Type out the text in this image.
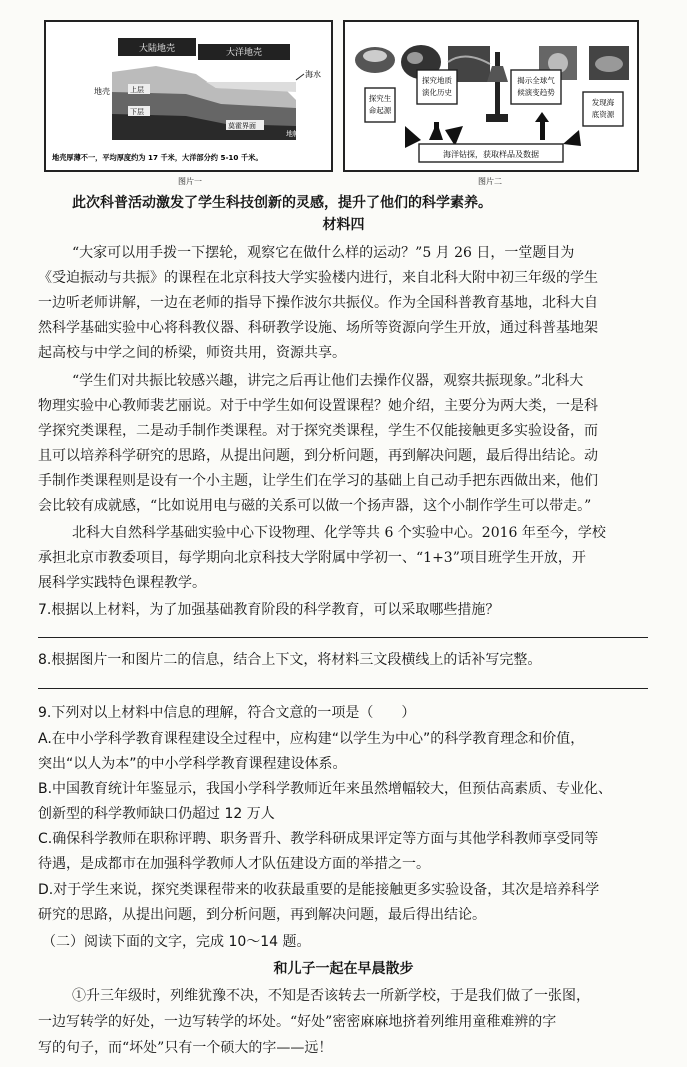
大陆地壳	大洋地壳
海水
上层
下层
地壳
莫霍界面
地幔
地壳厚薄不一，平均厚度约为 17 千米，大洋部分约 5-10 千米。
图片一
探究生
命起源
探究地质
演化历史
揭示全球气
候演变趋势
发现海
底资源
海洋钻探，获取样品及数据
图片二
此次科普活动激发了学生科技创新的灵感，提升了他们的科学素养。
材料四
“大家可以用手拨一下摆轮，观察它在做什么样的运动？”5 月 26 日，一堂题目为
《受迫振动与共振》的课程在北京科技大学实验楼内进行，来自北科大附中初三年级的学生
一边听老师讲解，一边在老师的指导下操作波尔共振仪。作为全国科普教育基地，北科大自
然科学基础实验中心将科教仪器、科研教学设施、场所等资源向学生开放，通过科普基地架
起高校与中学之间的桥梁，师资共用，资源共享。
“学生们对共振比较感兴趣，讲完之后再让他们去操作仪器，观察共振现象。”北科大
物理实验中心教师裴艺丽说。对于中学生如何设置课程？她介绍，主要分为两大类，一是科
学探究类课程，二是动手制作类课程。对于探究类课程，学生不仅能接触更多实验设备，而
且可以培养科学研究的思路，从提出问题，到分析问题，再到解决问题，最后得出结论。动
手制作类课程则是设有一个小主题，让学生们在学习的基础上自己动手把东西做出来，他们
会比较有成就感，“比如说用电与磁的关系可以做一个扬声器，这个小制作学生可以带走。”
北科大自然科学基础实验中心下设物理、化学等共 6 个实验中心。2016 年至今，学校
承担北京市教委项目，每学期向北京科技大学附属中学初一、“1+3”项目班学生开放，开
展科学实践特色课程教学。
7.根据以上材料，为了加强基础教育阶段的科学教育，可以采取哪些措施？
8.根据图片一和图片二的信息，结合上下文，将材料三文段横线上的话补写完整。
9.下列对以上材料中信息的理解，符合文意的一项是（　　）
A.在中小学科学教育课程建设全过程中，应构建“以学生为中心”的科学教育理念和价值，
突出“以人为本”的中小学科学教育课程建设体系。
B.中国教育统计年鉴显示，我国小学科学教师近年来虽然增幅较大，但预估高素质、专业化、
创新型的科学教师缺口仍超过 12 万人
C.确保科学教师在职称评聘、职务晋升、教学科研成果评定等方面与其他学科教师享受同等
待遇，是成都市在加强科学教师人才队伍建设方面的举措之一。
D.对于学生来说，探究类课程带来的收获最重要的是能接触更多实验设备，其次是培养科学
研究的思路，从提出问题，到分析问题，再到解决问题，最后得出结论。
（二）阅读下面的文字，完成 10～14 题。
和儿子一起在早晨散步
①升三年级时，列维犹豫不决，不知是否该转去一所新学校，于是我们做了一张图，
一边写转学的好处，一边写转学的坏处。“好处”密密麻麻地挤着列维用童稚难辨的字
写的句子，而“坏处”只有一个硕大的字——远！
